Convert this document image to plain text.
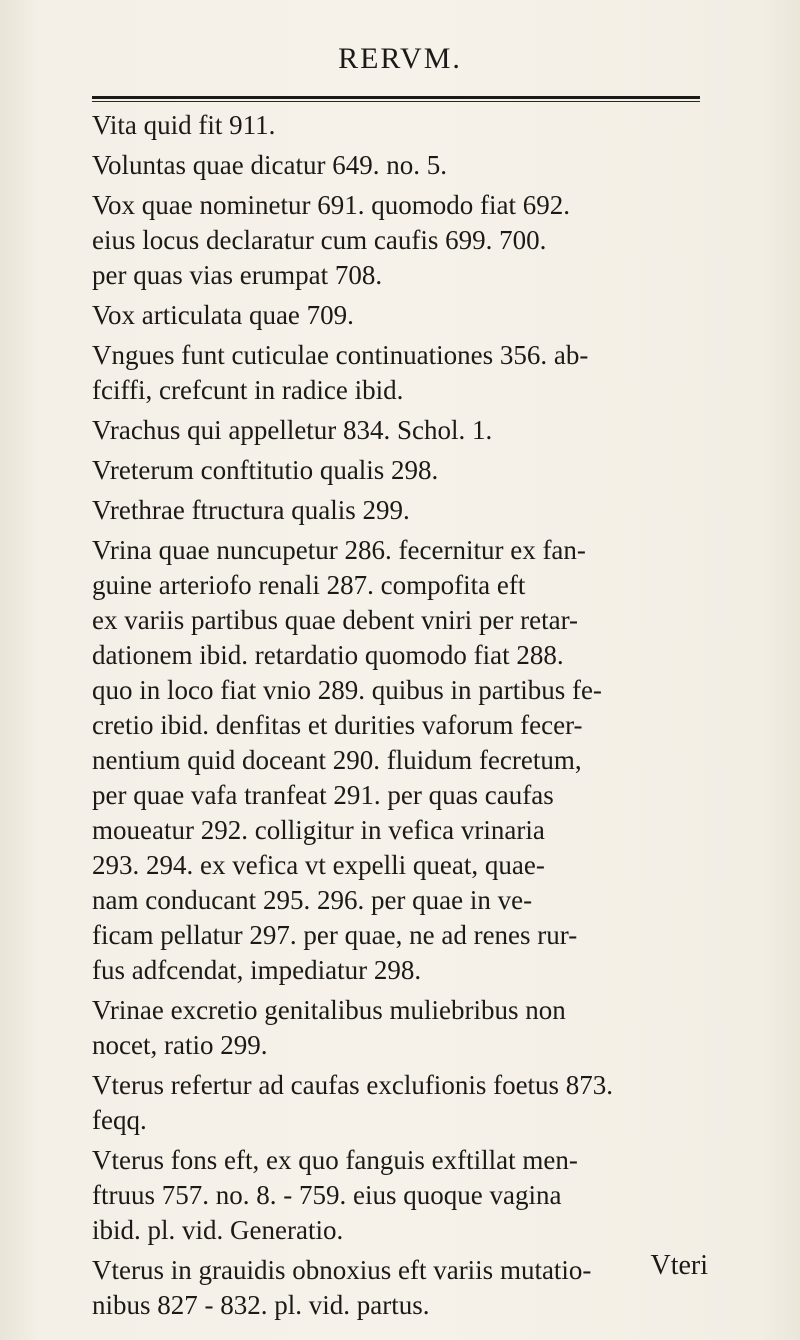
RERVM.
Vita quid fit 911.
Voluntas quae dicatur 649. no. 5.
Vox quae nominetur 691. quomodo fiat 692.
eius locus declaratur cum caufis 699. 700.
per quas vias erumpat 708.
Vox articulata quae 709.
Vngues funt cuticulae continuationes 356. ab-
fciffi, crefcunt in radice ibid.
Vrachus qui appelletur 834. Schol. 1.
Vreterum conftitutio qualis 298.
Vrethrae ftructura qualis 299.
Vrina quae nuncupetur 286. fecernitur ex fan-
guine arteriofo renali 287. compofita eft
ex variis partibus quae debent vniri per retar-
dationem ibid. retardatio quomodo fiat 288.
quo in loco fiat vnio 289. quibus in partibus fe-
cretio ibid. denfitas et durities vaforum fecer-
nentium quid doceant 290. fluidum fecretum,
per quae vafa tranfeat 291. per quas caufas
moueatur 292. colligitur in vefica vrinaria
293. 294. ex vefica vt expelli queat, quae-
nam conducant 295. 296. per quae in ve-
ficam pellatur 297. per quae, ne ad renes rur-
fus adfcendat, impediatur 298.
Vrinae excretio genitalibus muliebribus non
nocet, ratio 299.
Vterus refertur ad caufas exclufionis foetus 873.
feqq.
Vterus fons eft, ex quo fanguis exftillat men-
ftruus 757. no. 8. - 759. eius quoque vagina
ibid. pl. vid. Generatio.
Vterus in grauidis obnoxius eft variis mutatio-
nibus 827 - 832. pl. vid. partus.
Vteri
